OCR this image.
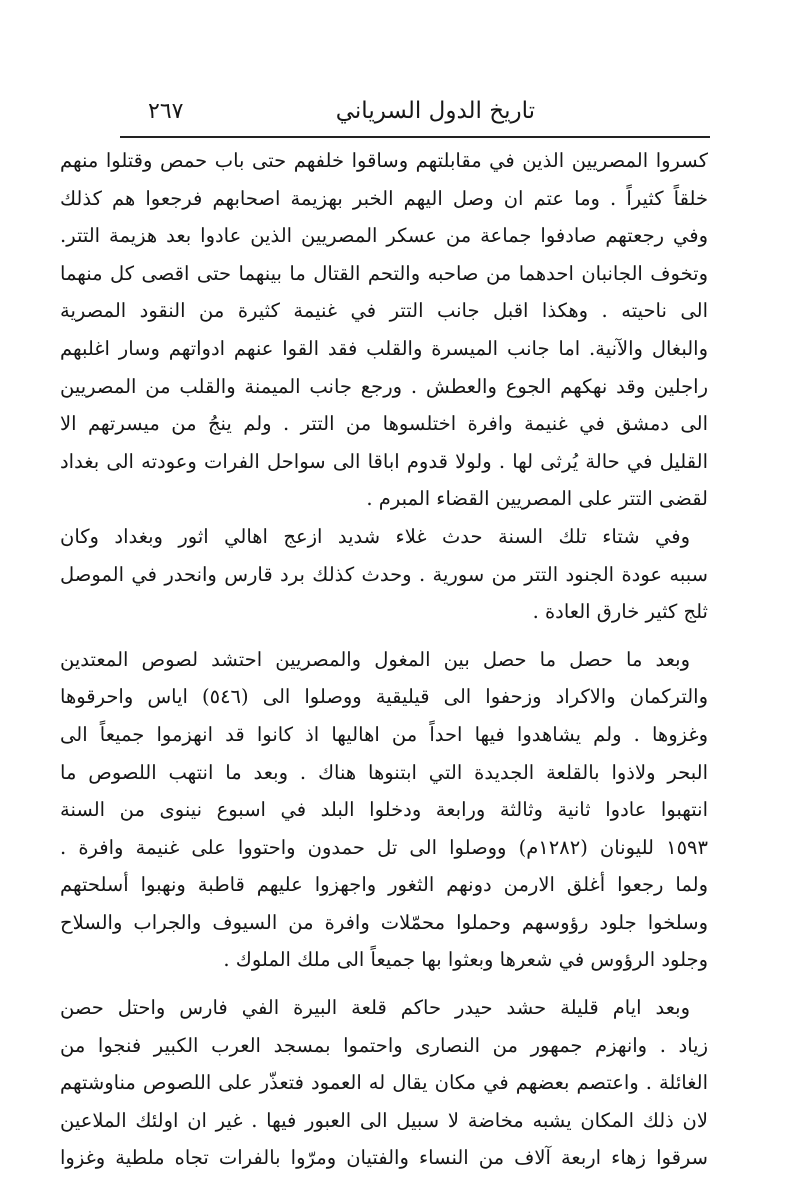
تاريخ الدول السرياني
٢٦٧
كسروا المصريين الذين في مقابلتهم وساقوا خلفهم حتى باب حمص وقتلوا منهم
خلقاً كثيراً . وما عتم ان وصل اليهم الخبر بهزيمة اصحابهم فرجعوا هم كذلك
وفي رجعتهم صادفوا جماعة من عسكر المصريين الذين عادوا بعد هزيمة التتر.
وتخوف الجانبان احدهما من صاحبه والتحم القتال ما بينهما حتى اقصى كل منهما
الى ناحيته . وهكذا اقبل جانب التتر في غنيمة كثيرة من النقود المصرية
والبغال والآنية. اما جانب الميسرة والقلب فقد القوا عنهم ادواتهم وسار اغلبهم
راجلين وقد نهكهم الجوع والعطش . ورجع جانب الميمنة والقلب من المصريين
الى دمشق في غنيمة وافرة اختلسوها من التتر . ولم ينجُ من ميسرتهم الا
القليل في حالة يُرثى لها . ولولا قدوم اباقا الى سواحل الفرات وعودته الى بغداد
لقضى التتر على المصريين القضاء المبرم .
وفي شتاء تلك السنة حدث غلاء شديد ازعج اهالي اثور وبغداد وكان
سببه عودة الجنود التتر من سورية . وحدث كذلك برد قارس وانحدر في الموصل
ثلج كثير خارق العادة .
وبعد ما حصل ما حصل بين المغول والمصريين احتشد لصوص المعتدين
والتركمان والاكراد وزحفوا الى قيليقية ووصلوا الى (٥٤٦) اياس واحرقوها
وغزوها . ولم يشاهدوا فيها احداً من اهاليها اذ كانوا قد انهزموا جميعاً الى
البحر ولاذوا بالقلعة الجديدة التي ابتنوها هناك . وبعد ما انتهب اللصوص ما
انتهبوا عادوا ثانية وثالثة ورابعة ودخلوا البلد في اسبوع نينوى من السنة
١٥٩٣ لليونان (١٢٨٢م) ووصلوا الى تل حمدون واحتووا على غنيمة وافرة .
ولما رجعوا أغلق الارمن دونهم الثغور واجهزوا عليهم قاطبة ونهبوا أسلحتهم
وسلخوا جلود رؤوسهم وحملوا محمّلات وافرة من السيوف والجراب والسلاح
وجلود الرؤوس في شعرها وبعثوا بها جميعاً الى ملك الملوك .
وبعد ايام قليلة حشد حيدر حاكم قلعة البيرة الفي فارس واحتل حصن
زياد . وانهزم جمهور من النصارى واحتموا بمسجد العرب الكبير فنجوا من
الغائلة . واعتصم بعضهم في مكان يقال له العمود فتعذّر على اللصوص مناوشتهم
لان ذلك المكان يشبه مخاضة لا سبيل الى العبور فيها . غير ان اولئك الملاعين
سرقوا زهاء اربعة آلاف من النساء والفتيان ومرّوا بالفرات تجاه ملطية وغزوا
